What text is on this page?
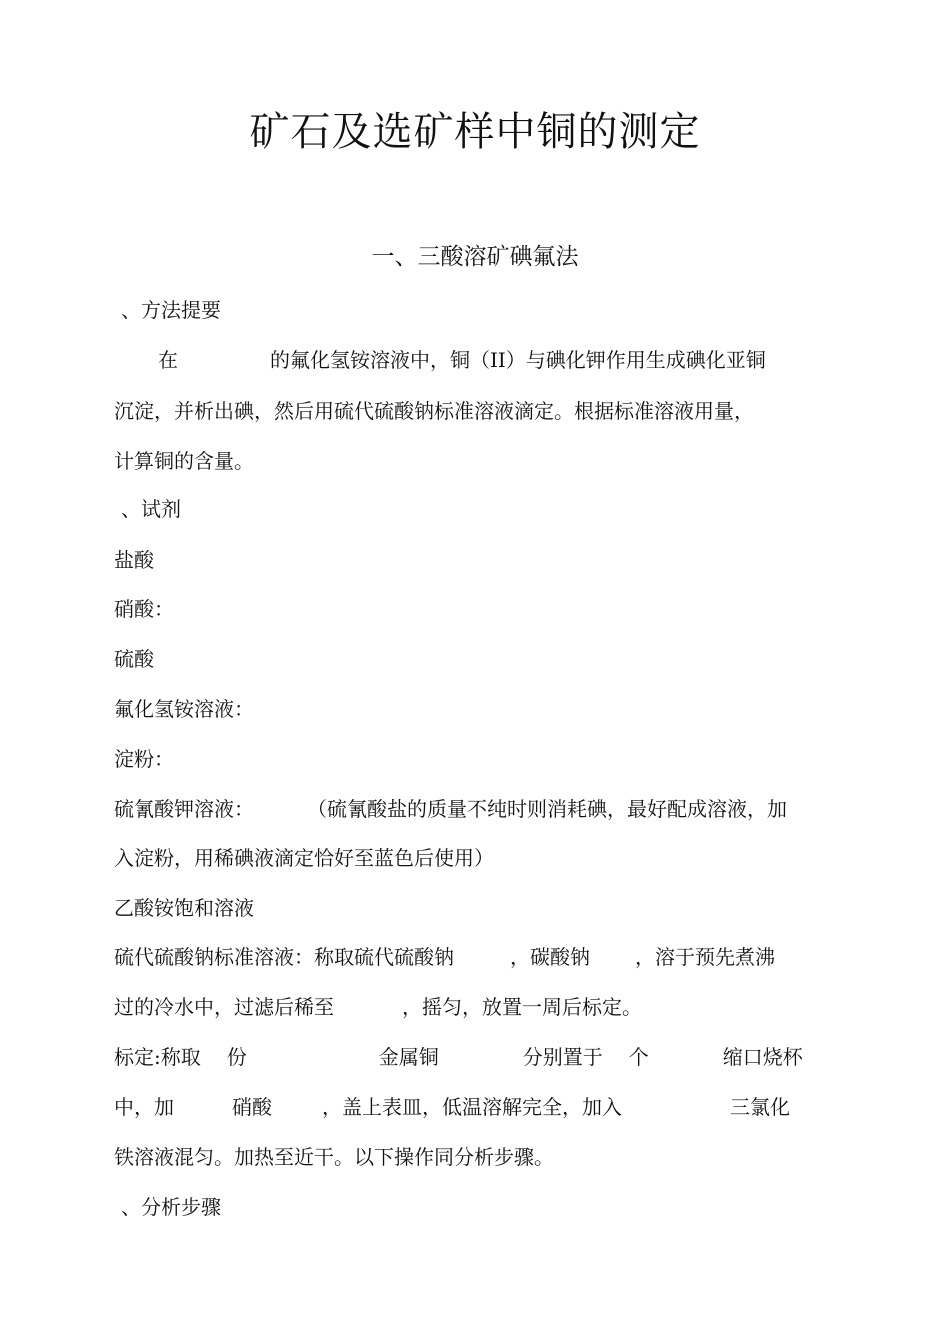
矿石及选矿样中铜的测定
一、三酸溶矿碘氟法

、方法提要

在	的氟化氢铵溶液中，铜（II）与碘化钾作用生成碘化亚铜

沉淀，并析出碘，然后用硫代硫酸钠标准溶液滴定。根据标准溶液用量，

计算铜的含量。

、试剂

盐酸

硝酸：

硫酸

氟化氢铵溶液：

淀粉：

硫氰酸钾溶液：	（硫氰酸盐的质量不纯时则消耗碘，最好配成溶液，加

入淀粉，用稀碘液滴定恰好至蓝色后使用）

乙酸铵饱和溶液

硫代硫酸钠标准溶液：称取硫代硫酸钠	，碳酸钠 ，溶于预先煮沸

过的冷水中，过滤后稀至	，摇匀，放置一周后标定。

标定:称取 份	金属铜	分别置于 个	缩口烧杯

中，加	硝酸	，盖上表皿，低温溶解完全，加入	三氯化

铁溶液混匀。加热至近干。以下操作同分析步骤。

、分析步骤
